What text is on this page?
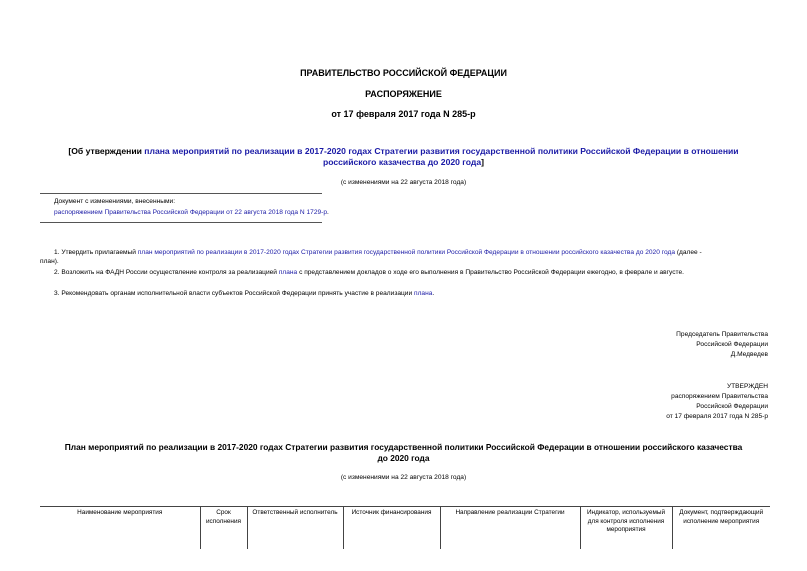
ПРАВИТЕЛЬСТВО РОССИЙСКОЙ ФЕДЕРАЦИИ
РАСПОРЯЖЕНИЕ
от 17 февраля 2017 года N 285-р
[Об утверждении плана мероприятий по реализации в 2017-2020 годах Стратегии развития государственной политики Российской Федерации в отношении
российского казачества до 2020 года]
(с изменениями на 22 августа 2018 года)
Документ с изменениями, внесенными:
распоряжением Правительства Российской Федерации от 22 августа 2018 года N 1729-р.
1. Утвердить прилагаемый план мероприятий по реализации в 2017-2020 годах Стратегии развития государственной политики Российской Федерации в отношении российского казачества до 2020 года (далее -
план).
2. Возложить на ФАДН России осуществление контроля за реализацией плана с представлением докладов о ходе его выполнения в Правительство Российской Федерации ежегодно, в феврале и августе.
3. Рекомендовать органам исполнительной власти субъектов Российской Федерации принять участие в реализации плана.
Председатель Правительства
Российской Федерации
Д.Медведев
УТВЕРЖДЕН
распоряжением Правительства
Российской Федерации
от 17 февраля 2017 года N 285-р
План мероприятий по реализации в 2017-2020 годах Стратегии развития государственной политики Российской Федерации в отношении российского казачества
до 2020 года
(с изменениями на 22 августа 2018 года)
Наименование мероприятия	Срок исполнения	Ответственный исполнитель	Источник финансирования	Направление реализации Стратегии	Индикатор, используемый для контроля исполнения мероприятия	Документ, подтверждающий исполнение мероприятия
